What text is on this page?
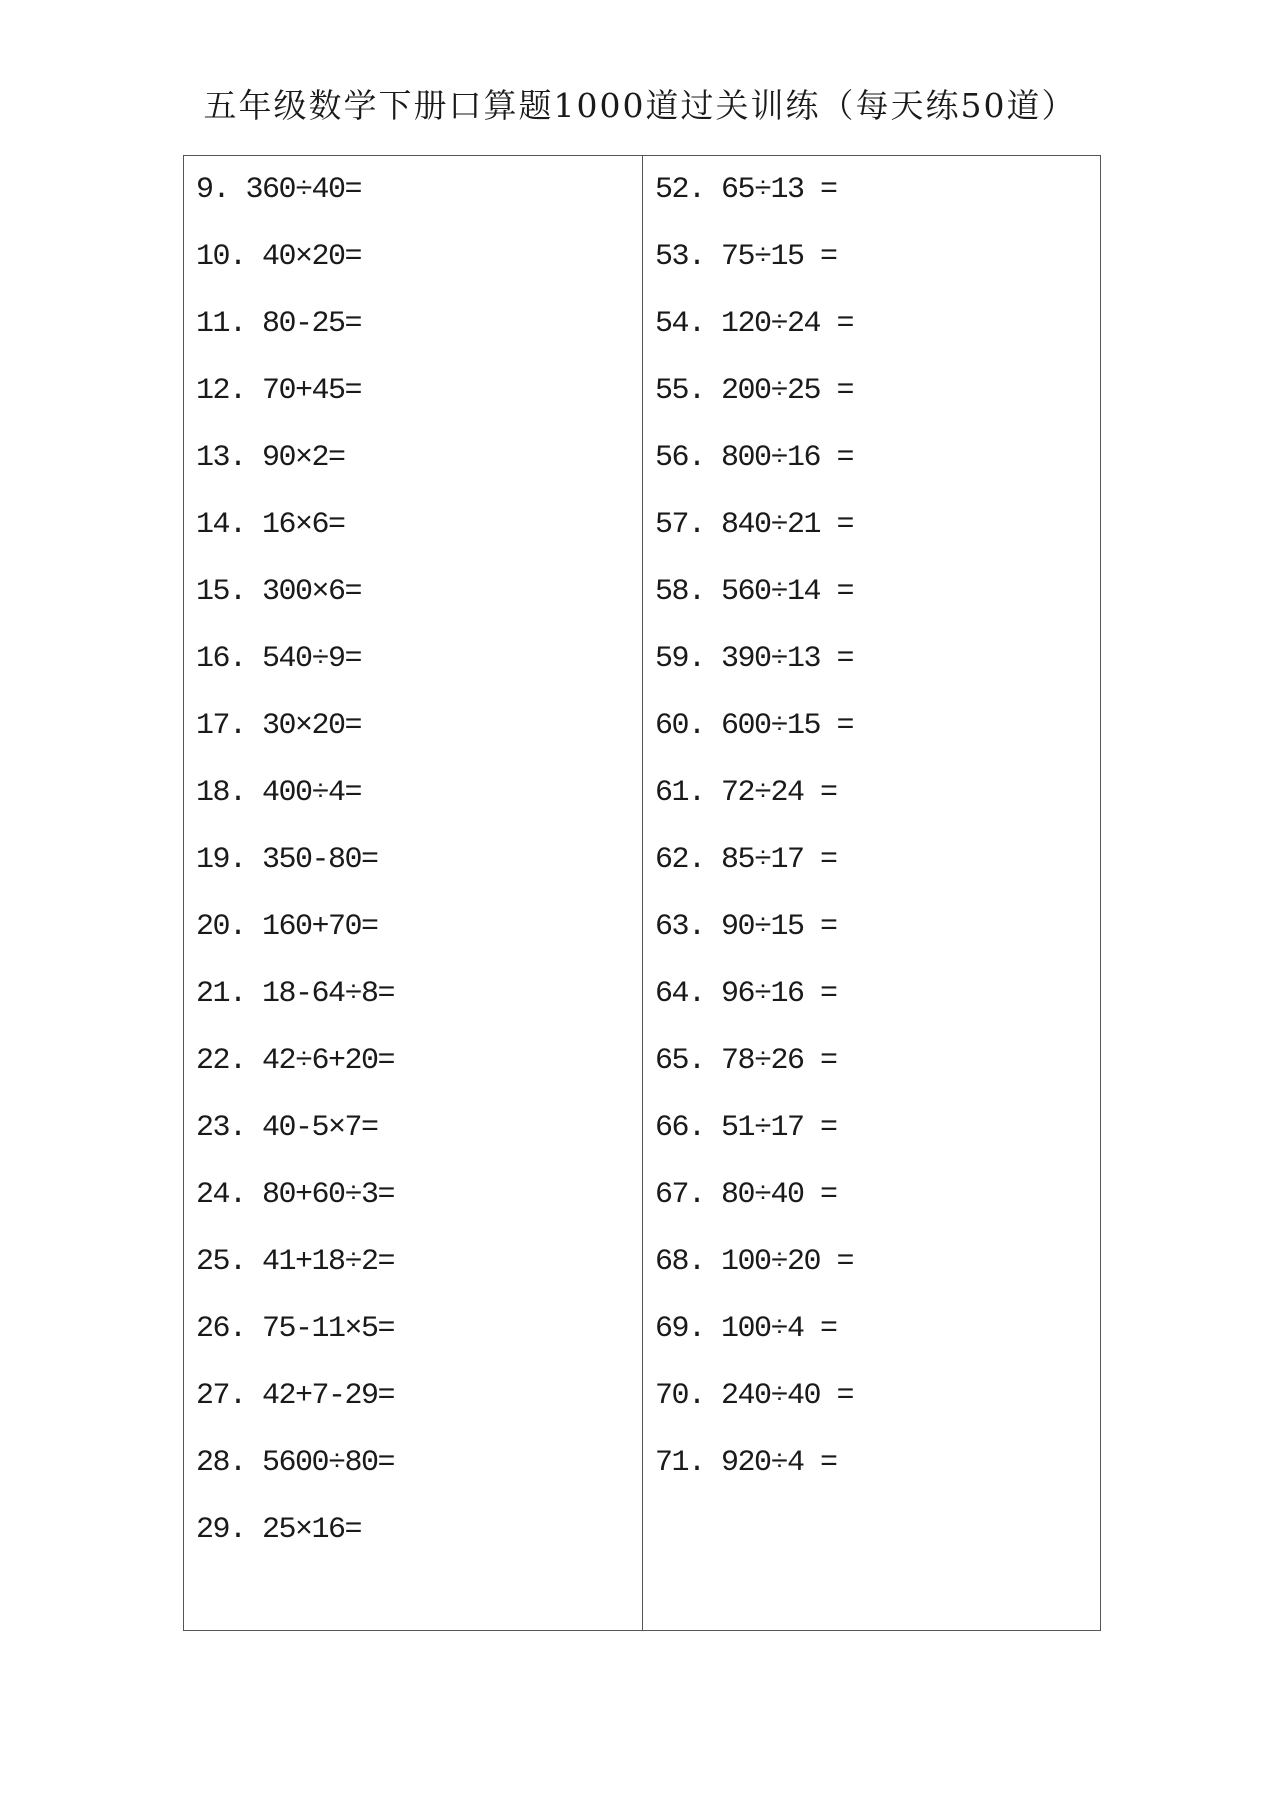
五年级数学下册口算题1000道过关训练（每天练50道）
9. 360÷40=
10. 40×20=
11. 80-25=
12. 70+45=
13. 90×2=
14. 16×6=
15. 300×6=
16. 540÷9=
17. 30×20=
18. 400÷4=
19. 350-80=
20. 160+70=
21. 18-64÷8=
22. 42÷6+20=
23. 40-5×7=
24. 80+60÷3=
25. 41+18÷2=
26. 75-11×5=
27. 42+7-29=
28. 5600÷80=
29. 25×16=
52. 65÷13 =
53. 75÷15 =
54. 120÷24 =
55. 200÷25 =
56. 800÷16 =
57. 840÷21 =
58. 560÷14 =
59. 390÷13 =
60. 600÷15 =
61. 72÷24 =
62. 85÷17 =
63. 90÷15 =
64. 96÷16 =
65. 78÷26 =
66. 51÷17 =
67. 80÷40 =
68. 100÷20 =
69. 100÷4 =
70. 240÷40 =
71. 920÷4 =
